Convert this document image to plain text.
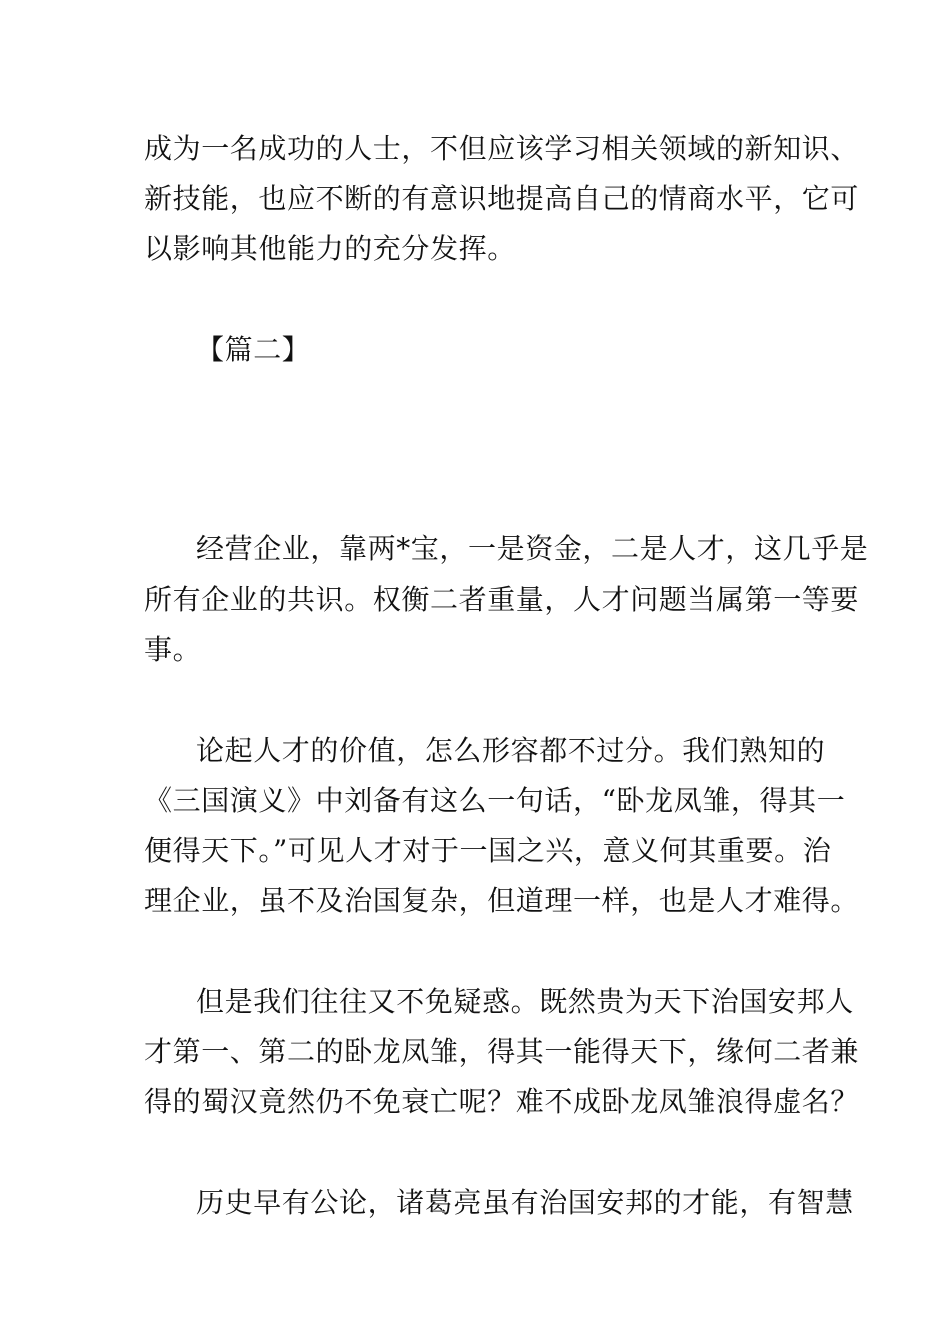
成为一名成功的人士，不但应该学习相关领域的新知识、
新技能，也应不断的有意识地提高自己的情商水平，它可
以影响其他能力的充分发挥。
【篇二】
经营企业，靠两*宝，一是资金，二是人才，这几乎是
所有企业的共识。权衡二者重量，人才问题当属第一等要
事。
论起人才的价值，怎么形容都不过分。我们熟知的
《三国演义》中刘备有这么一句话，“卧龙凤雏，得其一
便得天下。”可见人才对于一国之兴，意义何其重要。治
理企业，虽不及治国复杂，但道理一样，也是人才难得。
但是我们往往又不免疑惑。既然贵为天下治国安邦人
才第一、第二的卧龙凤雏，得其一能得天下，缘何二者兼
得的蜀汉竟然仍不免衰亡呢？难不成卧龙凤雏浪得虚名？
历史早有公论，诸葛亮虽有治国安邦的才能，有智慧
